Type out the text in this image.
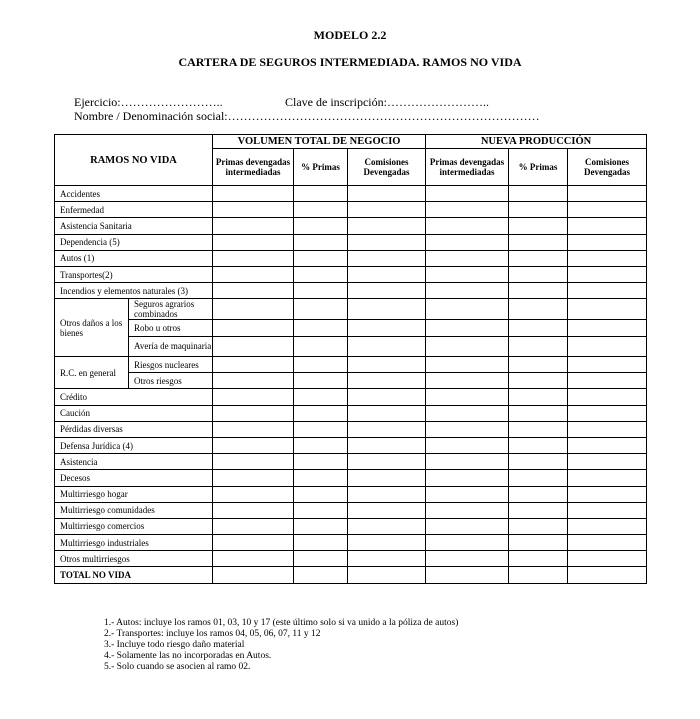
MODELO 2.2
CARTERA DE SEGUROS INTERMEDIADA. RAMOS NO VIDA
Ejercicio:……………………..	Clave de inscripción:……………………..
Nombre / Denominación social:……………………………………………………………………
RAMOS NO VIDA		VOLUMEN TOTAL DE NEGOCIO			NUEVA PRODUCCIÓN		
		Primas devengadas intermediadas	% Primas	Comisiones Devengadas	Primas devengadas intermediadas	% Primas	Comisiones Devengadas
Accidentes							
Enfermedad							
Asistencia Sanitaria							
Dependencia (5)							
Autos (1)							
Transportes(2)							
Incendios y elementos naturales (3)							
Otros daños a los bienes	Seguros agrarios combinados						
	Robo u otros						
	Avería de maquinaria						
R.C. en general	Riesgos nucleares						
	Otros riesgos						
Crédito							
Caución							
Pérdidas diversas							
Defensa Jurídica (4)							
Asistencia							
Decesos							
Multirriesgo hogar							
Multirriesgo comunidades							
Multirriesgo comercios							
Multirriesgo industriales							
Otros multirriesgos							
TOTAL NO VIDA							
1.- Autos: incluye los ramos 01, 03, 10 y 17 (este último solo si va unido a la póliza de autos)
2.- Transportes: incluye los ramos 04, 05, 06, 07, 11 y 12
3.- Incluye todo riesgo daño material
4.- Solamente las no incorporadas en Autos.
5.- Solo cuando se asocien al ramo 02.
